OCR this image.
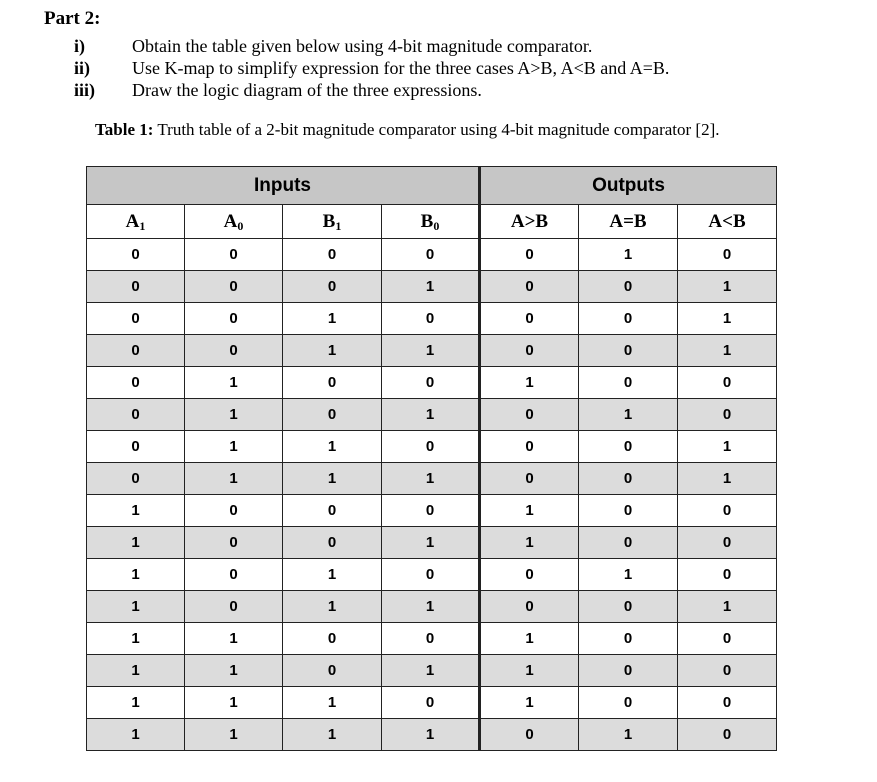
Part 2:
i)	Obtain the table given below using 4-bit magnitude comparator.
ii)	Use K-map to simplify expression for the three cases A>B, A<B and A=B.
iii)	Draw the logic diagram of the three expressions.
Table 1: Truth table of a 2-bit magnitude comparator using 4-bit magnitude comparator [2].
Inputs				Outputs		
$A_1$	$A_0$	$B_1$	$B_0$	A>B	A=B	A<B
0	0	0	0	0	1	0
0	0	0	1	0	0	1
0	0	1	0	0	0	1
0	0	1	1	0	0	1
0	1	0	0	1	0	0
0	1	0	1	0	1	0
0	1	1	0	0	0	1
0	1	1	1	0	0	1
1	0	0	0	1	0	0
1	0	0	1	1	0	0
1	0	1	0	0	1	0
1	0	1	1	0	0	1
1	1	0	0	1	0	0
1	1	0	1	1	0	0
1	1	1	0	1	0	0
1	1	1	1	0	1	0
